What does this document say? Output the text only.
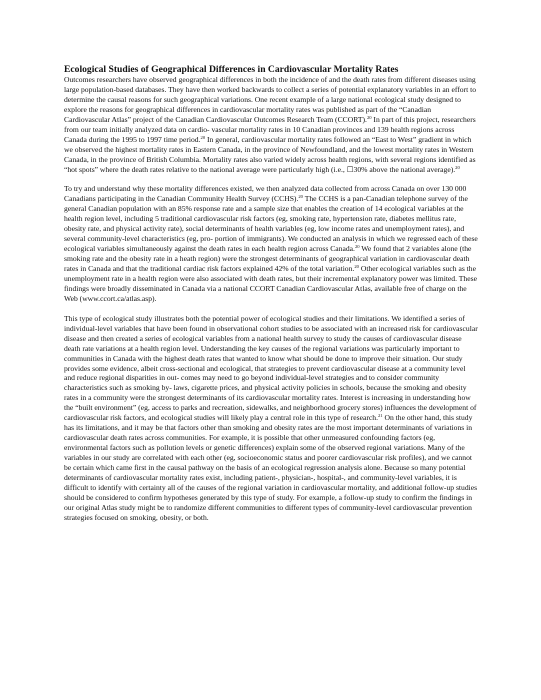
Ecological Studies of Geographical Differences in Cardiovascular Mortality Rates

Outcomes researchers have observed geographical differences in both the incidence of and the death rates from different diseases using large population-based databases. They have then worked backwards to collect a series of potential explanatory variables in an effort to determine the causal reasons for such geographical variations. One recent example of a large national ecological study designed to explore the reasons for geographical differences in cardiovascular mortality rates was published as part of the “Canadian Cardiovascular Atlas” project of the Canadian Cardiovascular Outcomes Research Team (CCORT).$^{20}$ In part of this project, researchers from our team initially analyzed data on cardio- vascular mortality rates in 10 Canadian provinces and 139 health regions across Canada during the 1995 to 1997 time period.$^{20}$ In general, cardiovascular mortality rates followed an “East to West” gradient in which we observed the highest mortality rates in Eastern Canada, in the province of Newfoundland, and the lowest mortality rates in Western Canada, in the province of British Columbia. Mortality rates also varied widely across health regions, with several regions identified as “hot spots” where the death rates relative to the national average were particularly high (i.e., ☐30% above the national average).$^{20}$

To try and understand why these mortality differences existed, we then analyzed data collected from across Canada on over 130 000 Canadians participating in the Canadian Community Health Survey (CCHS).$^{20}$ The CCHS is a pan-Canadian telephone survey of the general Canadian population with an 85% response rate and a sample size that enables the creation of 14 ecological variables at the health region level, including 5 traditional cardiovascular risk factors (eg, smoking rate, hypertension rate, diabetes mellitus rate, obesity rate, and physical activity rate), social determinants of health variables (eg, low income rates and unemployment rates), and several community-level characteristics (eg, pro- portion of immigrants). We conducted an analysis in which we regressed each of these ecological variables simultaneously against the death rates in each health region across Canada.$^{20}$ We found that 2 variables alone (the smoking rate and the obesity rate in a heath region) were the strongest determinants of geographical variation in cardiovascular death rates in Canada and that the traditional cardiac risk factors explained 42% of the total variation.$^{20}$ Other ecological variables such as the unemployment rate in a health region were also associated with death rates, but their incremental explanatory power was limited. These findings were broadly disseminated in Canada via a national CCORT Canadian Cardiovascular Atlas, available free of charge on the Web (www.ccort.ca/atlas.asp).

This type of ecological study illustrates both the potential power of ecological studies and their limitations. We identified a series of individual-level variables that have been found in observational cohort studies to be associated with an increased risk for cardiovascular disease and then created a series of ecological variables from a national health survey to study the causes of cardiovascular disease death rate variations at a health region level. Understanding the key causes of the regional variations was particularly important to communities in Canada with the highest death rates that wanted to know what should be done to improve their situation. Our study provides some evidence, albeit cross-sectional and ecological, that strategies to prevent cardiovascular disease at a community level and reduce regional disparities in out- comes may need to go beyond individual-level strategies and to consider community characteristics such as smoking by- laws, cigarette prices, and physical activity policies in schools, because the smoking and obesity rates in a community were the strongest determinants of its cardiovascular mortality rates. Interest is increasing in understanding how the “built environment” (eg, access to parks and recreation, sidewalks, and neighborhood grocery stores) influences the development of cardiovascular risk factors, and ecological studies will likely play a central role in this type of research.$^{21}$ On the other hand, this study has its limitations, and it may be that factors other than smoking and obesity rates are the most important determinants of variations in cardiovascular death rates across communities. For example, it is possible that other unmeasured confounding factors (eg, environmental factors such as pollution levels or genetic differences) explain some of the observed regional variations. Many of the variables in our study are correlated with each other (eg, socioeconomic status and poorer cardiovascular risk profiles), and we cannot be certain which came first in the causal pathway on the basis of an ecological regression analysis alone. Because so many potential determinants of cardiovascular mortality rates exist, including patient-, physician-, hospital-, and community-level variables, it is difficult to identify with certainty all of the causes of the regional variation in cardiovascular mortality, and additional follow-up studies should be considered to confirm hypotheses generated by this type of study. For example, a follow-up study to confirm the findings in our original Atlas study might be to randomize different communities to different types of community-level cardiovascular prevention strategies focused on smoking, obesity, or both.
